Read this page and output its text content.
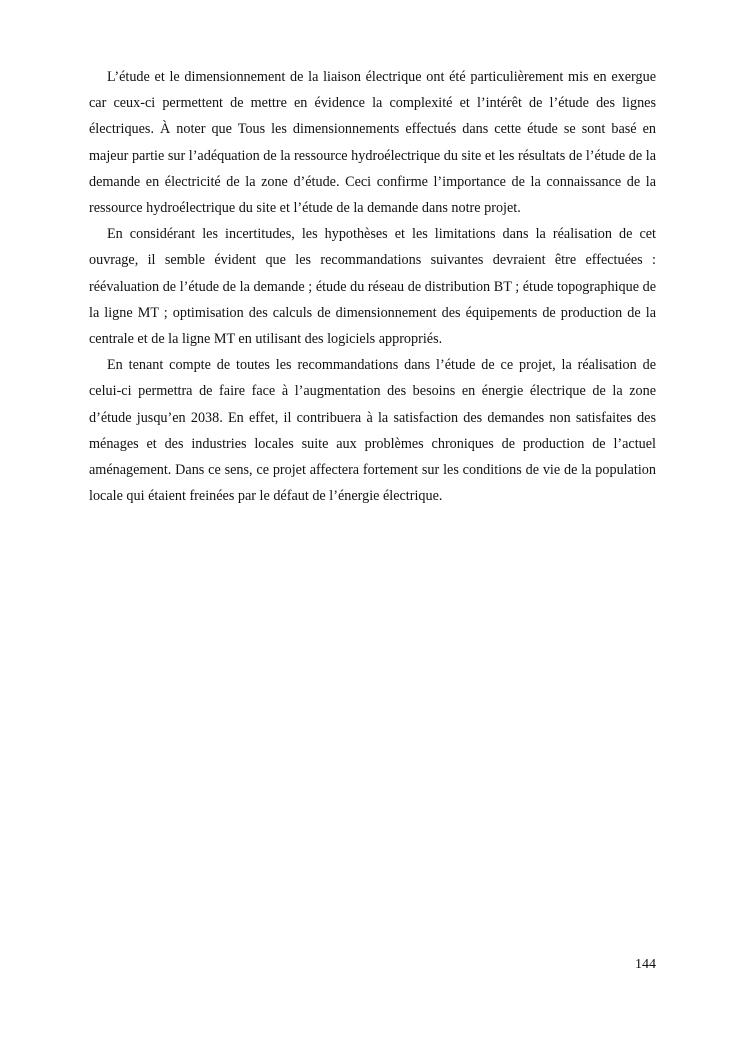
L’étude et le dimensionnement de la liaison électrique ont été particulièrement mis en exergue car ceux-ci permettent de mettre en évidence la complexité et l’intérêt de l’étude des lignes électriques. À noter que Tous les dimensionnements effectués dans cette étude se sont basé en majeur partie sur l’adéquation de la ressource hydroélectrique du site et les résultats de l’étude de la demande en électricité de la zone d’étude. Ceci confirme l’importance de la connaissance de la ressource hydroélectrique du site et l’étude de la demande dans notre projet.

En considérant les incertitudes, les hypothèses et les limitations dans la réalisation de cet ouvrage, il semble évident que les recommandations suivantes devraient être effectuées : réévaluation de l’étude de la demande ; étude du réseau de distribution BT ; étude topographique de la ligne MT ; optimisation des calculs de dimensionnement des équipements de production de la centrale et de la ligne MT en utilisant des logiciels appropriés.

En tenant compte de toutes les recommandations dans l’étude de ce projet, la réalisation de celui-ci permettra de faire face à l’augmentation des besoins en énergie électrique de la zone d’étude jusqu’en 2038. En effet, il contribuera à la satisfaction des demandes non satisfaites des ménages et des industries locales suite aux problèmes chroniques de production de l’actuel aménagement. Dans ce sens, ce projet affectera fortement sur les conditions de vie de la population locale qui étaient freinées par le défaut de l’énergie électrique.

144
